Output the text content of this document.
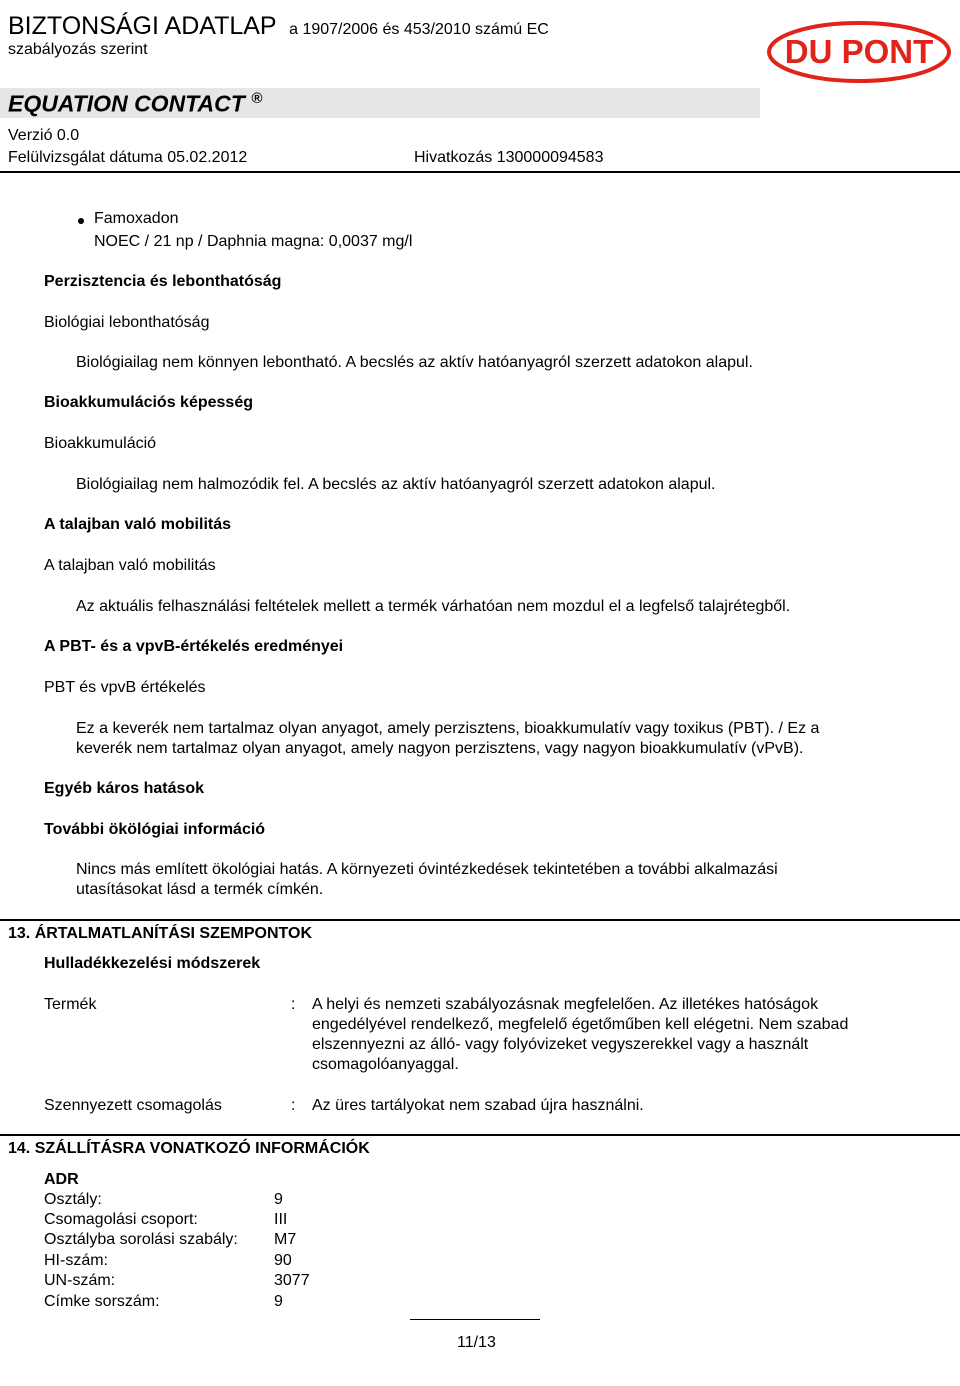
BIZTONSÁGI ADATLAP a 1907/2006 és 453/2010 számú EC
szabályozás szerint	DU PONT
EQUATION CONTACT ®
Verzió 0.0
Felülvizsgálat dátuma 05.02.2012	Hivatkozás 130000094583
Famoxadon
NOEC / 21 np / Daphnia magna: 0,0037 mg/l
Perzisztencia és lebonthatóság
Biológiai lebonthatóság
Biológiailag nem könnyen lebontható. A becslés az aktív hatóanyagról szerzett adatokon alapul.
Bioakkumulációs képesség
Bioakkumuláció
Biológiailag nem halmozódik fel. A becslés az aktív hatóanyagról szerzett adatokon alapul.
A talajban való mobilitás
A talajban való mobilitás
Az aktuális felhasználási feltételek mellett a termék várhatóan nem mozdul el a legfelső talajrétegből.
A PBT- és a vpvB-értékelés eredményei
PBT és vpvB értékelés
Ez a keverék nem tartalmaz olyan anyagot, amely perzisztens, bioakkumulatív vagy toxikus (PBT). / Ez a
keverék nem tartalmaz olyan anyagot, amely nagyon perzisztens, vagy nagyon bioakkumulatív (vPvB).
Egyéb káros hatások
További ökölógiai információ
Nincs más említett ökológiai hatás. A környezeti óvintézkedések tekintetében a további alkalmazási
utasításokat lásd a termék címkén.
13. ÁRTALMATLANÍTÁSI SZEMPONTOK
Hulladékkezelési módszerek
Termék	: A helyi és nemzeti szabályozásnak megfelelően. Az illetékes hatóságok
engedélyével rendelkező, megfelelő égetőműben kell elégetni. Nem szabad
elszennyezni az álló- vagy folyóvizeket vegyszerekkel vagy a használt
csomagolóanyaggal.
Szennyezett csomagolás	: Az üres tartályokat nem szabad újra használni.
14. SZÁLLÍTÁSRA VONATKOZÓ INFORMÁCIÓK
ADR
Osztály:	9
Csomagolási csoport:	III
Osztályba sorolási szabály: M7
HI-szám:	90
UN-szám:	3077
Címke sorszám:	9
11/13
